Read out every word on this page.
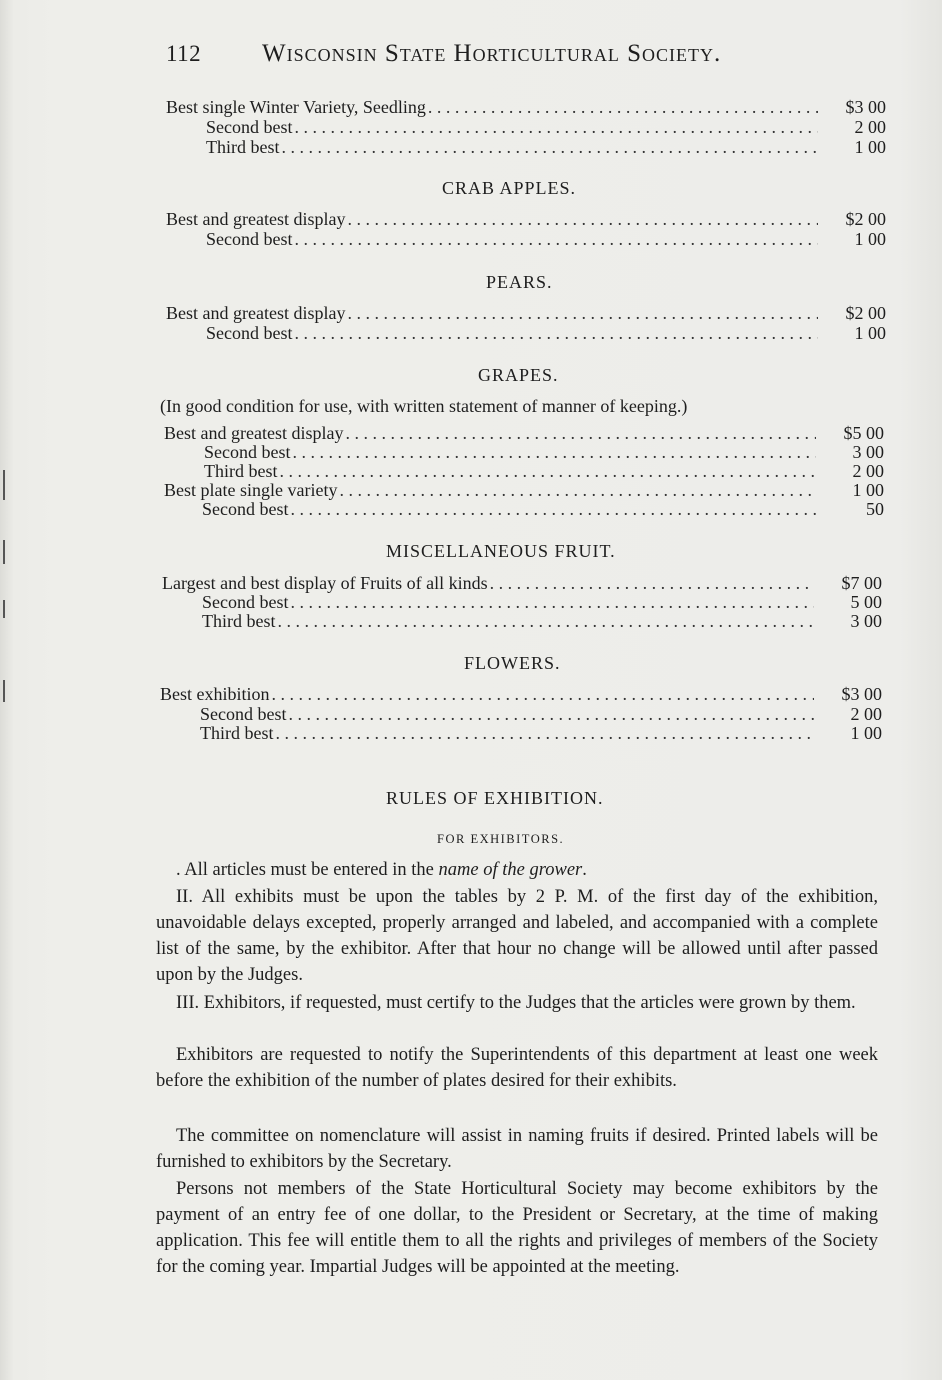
112 Wisconsin State Horticultural Society.
Best single Winter Variety, Seedling . . .	$3 00
Second best . . .	2 00
Third best . . .	1 00
CRAB APPLES.
Best and greatest display . . .	$2 00
Second best . . .	1 00
PEARS.
Best and greatest display . . .	$2 00
Second best . . .	1 00
GRAPES.
(In good condition for use, with written statement of manner of keeping.)
Best and greatest display . . .	$5 00
Second best . . .	3 00
Third best . . .	2 00
Best plate single variety . . .	1 00
Second best . . .	50
MISCELLANEOUS FRUIT.
Largest and best display of Fruits of all kinds . . .	$7 00
Second best . . .	5 00
Third best . . .	3 00
FLOWERS.
Best exhibition . . .	$3 00
Second best . . .	2 00
Third best . . .	1 00
RULES OF EXHIBITION.
FOR EXHIBITORS.
. All articles must be entered in the name of the grower.
II. All exhibits must be upon the tables by 2 P. M. of the first day of the exhibition, unavoidable delays excepted, properly arranged and labeled, and accompanied with a complete list of the same, by the exhibitor. After that hour no change will be allowed until after passed upon by the Judges.
III. Exhibitors, if requested, must certify to the Judges that the articles were grown by them.
Exhibitors are requested to notify the Superintendents of this department at least one week before the exhibition of the number of plates desired for their exhibits.
The committee on nomenclature will assist in naming fruits if desired. Printed labels will be furnished to exhibitors by the Secretary.
Persons not members of the State Horticultural Society may become exhibitors by the payment of an entry fee of one dollar, to the President or Secretary, at the time of making application. This fee will entitle them to all the rights and privileges of members of the Society for the coming year. Impartial Judges will be appointed at the meeting.
